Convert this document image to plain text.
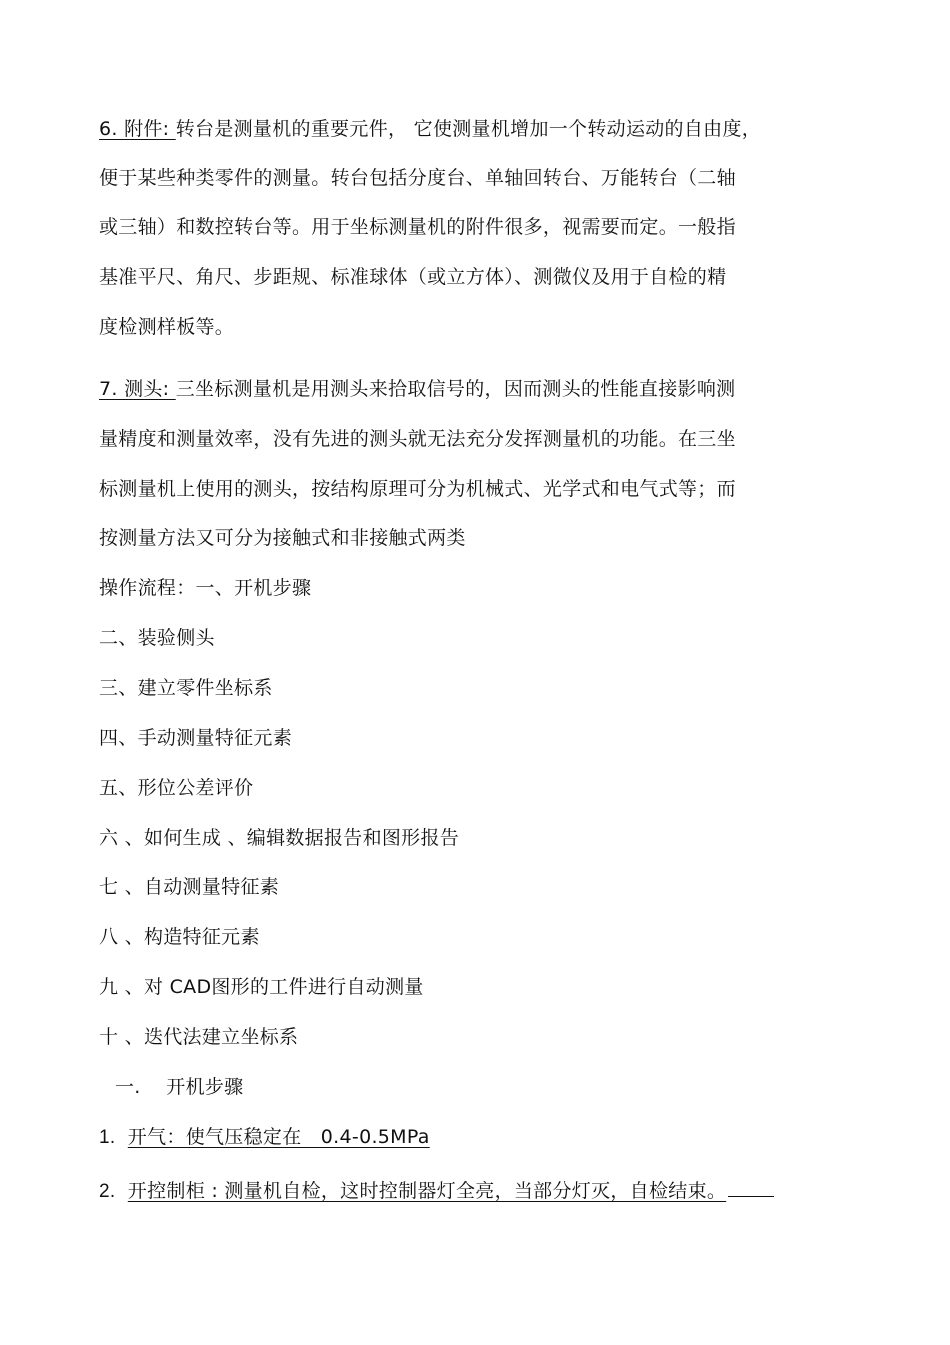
6. 附件: 转台是测量机的重要元件， 它使测量机增加一个转动运动的自由度，
便于某些种类零件的测量。转台包括分度台、单轴回转台、万能转台（二轴
或三轴）和数控转台等。用于坐标测量机的附件很多，视需要而定。一般指
基准平尺、角尺、步距规、标准球体（或立方体）、测微仪及用于自检的精
度检测样板等。
7. 测头: 三坐标测量机是用测头来拾取信号的，因而测头的性能直接影响测
量精度和测量效率，没有先进的测头就无法充分发挥测量机的功能。在三坐
标测量机上使用的测头，按结构原理可分为机械式、光学式和电气式等；而
按测量方法又可分为接触式和非接触式两类
操作流程：一、开机步骤
二、装验侧头
三、建立零件坐标系
四、手动测量特征元素
五、形位公差评价
六 、如何生成 、编辑数据报告和图形报告
七 、自动测量特征素
八 、构造特征元素
九 、对 CAD图形的工件进行自动测量
十 、迭代法建立坐标系
一.　 开机步骤
1. 开气：使气压稳定在　0.4-0.5MPa
2. 开控制柜 : 测量机自检，这时控制器灯全亮，当部分灯灭，自检结束。
